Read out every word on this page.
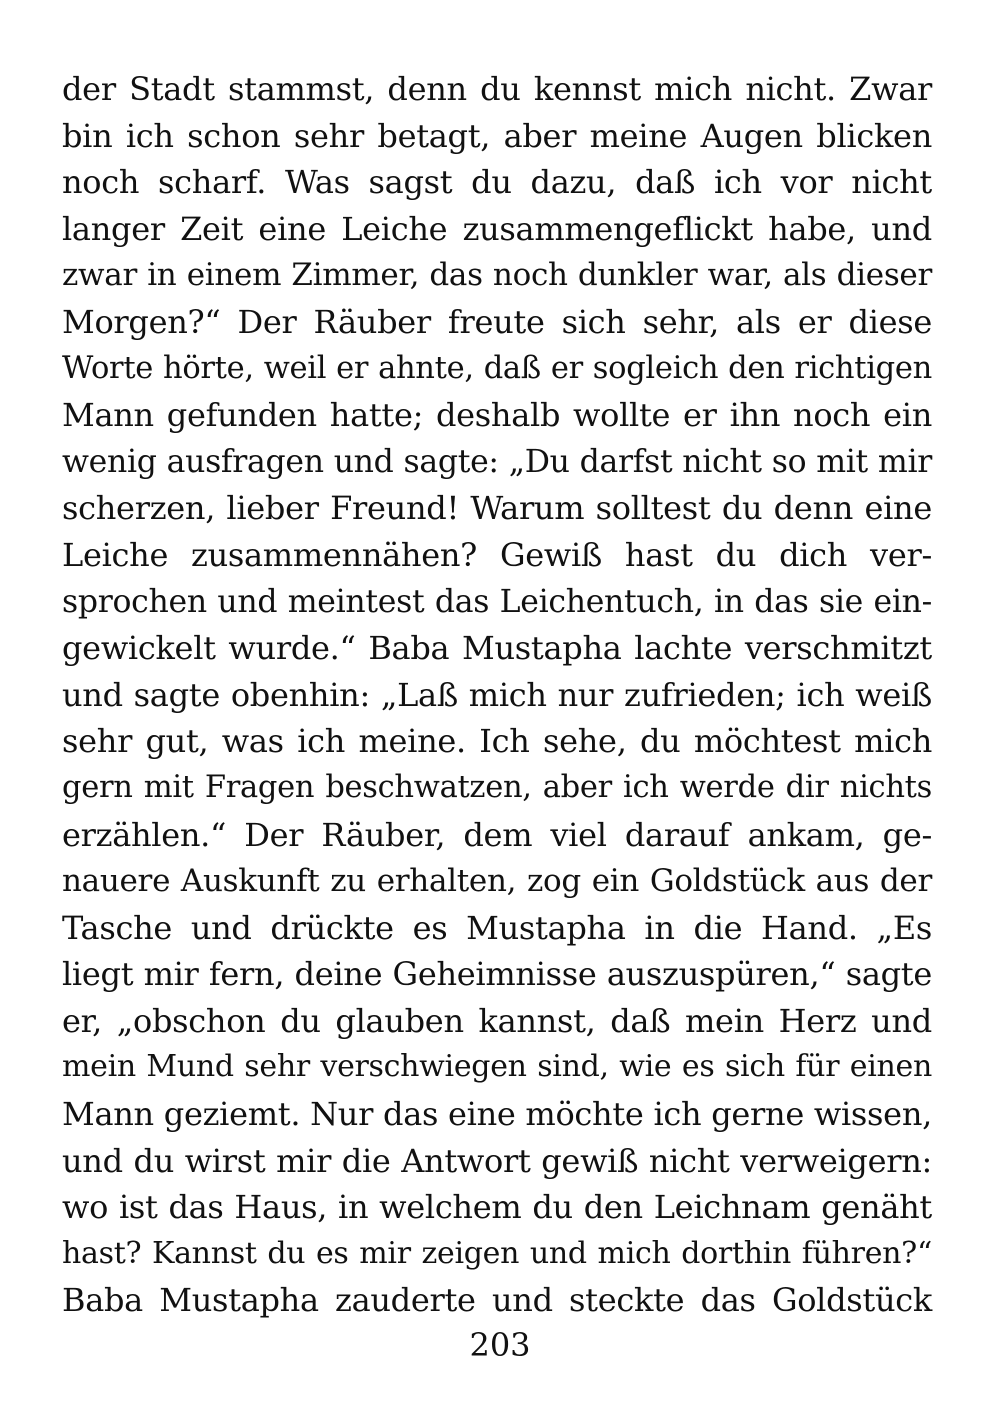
der Stadt stammst, denn du kennst mich nicht. Zwar
bin ich schon sehr betagt, aber meine Augen blicken
noch scharf. Was sagst du dazu, daß ich vor nicht
langer Zeit eine Leiche zusammengeflickt habe, und
zwar in einem Zimmer, das noch dunkler war, als dieser
Morgen?“ Der Räuber freute sich sehr, als er diese
Worte hörte, weil er ahnte, daß er sogleich den richtigen
Mann gefunden hatte; deshalb wollte er ihn noch ein
wenig ausfragen und sagte: „Du darfst nicht so mit mir
scherzen, lieber Freund! Warum solltest du denn eine
Leiche zusammennähen? Gewiß hast du dich ver-
sprochen und meintest das Leichentuch, in das sie ein-
gewickelt wurde.“ Baba Mustapha lachte verschmitzt
und sagte obenhin: „Laß mich nur zufrieden; ich weiß
sehr gut, was ich meine. Ich sehe, du möchtest mich
gern mit Fragen beschwatzen, aber ich werde dir nichts
erzählen.“ Der Räuber, dem viel darauf ankam, ge-
nauere Auskunft zu erhalten, zog ein Goldstück aus der
Tasche und drückte es Mustapha in die Hand. „Es
liegt mir fern, deine Geheimnisse auszuspüren,“ sagte
er, „obschon du glauben kannst, daß mein Herz und
mein Mund sehr verschwiegen sind, wie es sich für einen
Mann geziemt. Nur das eine möchte ich gerne wissen,
und du wirst mir die Antwort gewiß nicht verweigern:
wo ist das Haus, in welchem du den Leichnam genäht
hast? Kannst du es mir zeigen und mich dorthin führen?“
Baba Mustapha zauderte und steckte das Goldstück
203
